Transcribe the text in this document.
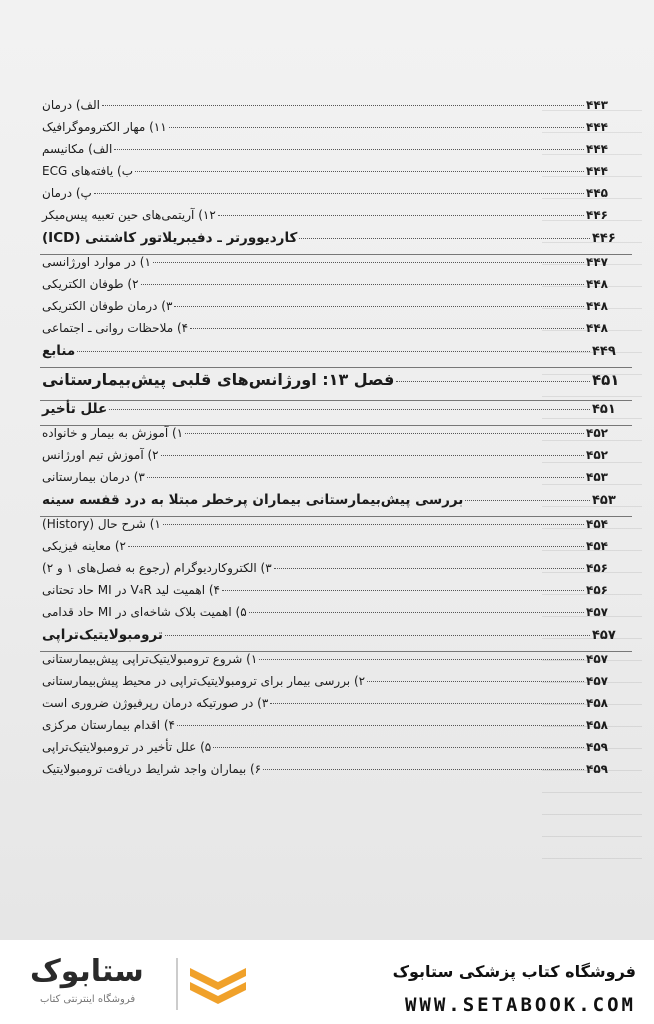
الف) درمان	۴۴۳
۱۱) مهار الکتروموگرافیک	۴۴۴
الف) مکانیسم	۴۴۴
ب) یافته‌های ECG	۴۴۴
پ) درمان	۴۴۵
۱۲) آریتمی‌های حین تعبیه پیس‌میکر	۴۴۶
کاردیوورتر ـ دفیبریلاتور کاشتنی (ICD)	۴۴۶
۱) در موارد اورژانسی	۴۴۷
۲) طوفان الکتریکی	۴۴۸
۳) درمان طوفان الکتریکی	۴۴۸
۴) ملاحظات روانی ـ اجتماعی	۴۴۸
منابع	۴۴۹
فصل ۱۳: اورژانس‌های قلبی پیش‌بیمارستانی	۴۵۱
علل تأخیر	۴۵۱
۱) آموزش به بیمار و خانواده	۴۵۲
۲) آموزش تیم اورژانس	۴۵۲
۳) درمان بیمارستانی	۴۵۳
بررسی پیش‌بیمارستانی بیماران پرخطر مبتلا به درد قفسه سینه	۴۵۳
۱) شرح حال (History)	۴۵۴
۲) معاینه فیزیکی	۴۵۴
۳) الکتروکاردیوگرام (رجوع به فصل‌های ۱ و ۲)	۴۵۶
۴) اهمیت لید V₄R در MI حاد تحتانی	۴۵۶
۵) اهمیت بلاک شاخه‌ای در MI حاد قدامی	۴۵۷
ترومبولایتیک‌تراپی	۴۵۷
۱) شروع ترومبولایتیک‌تراپی پیش‌بیمارستانی	۴۵۷
۲) بررسی بیمار برای ترومبولایتیک‌تراپی در محیط پیش‌بیمارستانی	۴۵۷
۳) در صورتیکه درمان رپرفیوژن ضروری است	۴۵۸
۴) اقدام بیمارستان مرکزی	۴۵۸
۵) علل تأخیر در ترومبولایتیک‌تراپی	۴۵۹
۶) بیماران واجد شرایط دریافت ترومبولایتیک	۴۵۹
ستابوک
فروشگاه اینترنتی کتاب
فروشگاه کتاب پزشکی ستابوک
WWW.SETABOOK.COM
